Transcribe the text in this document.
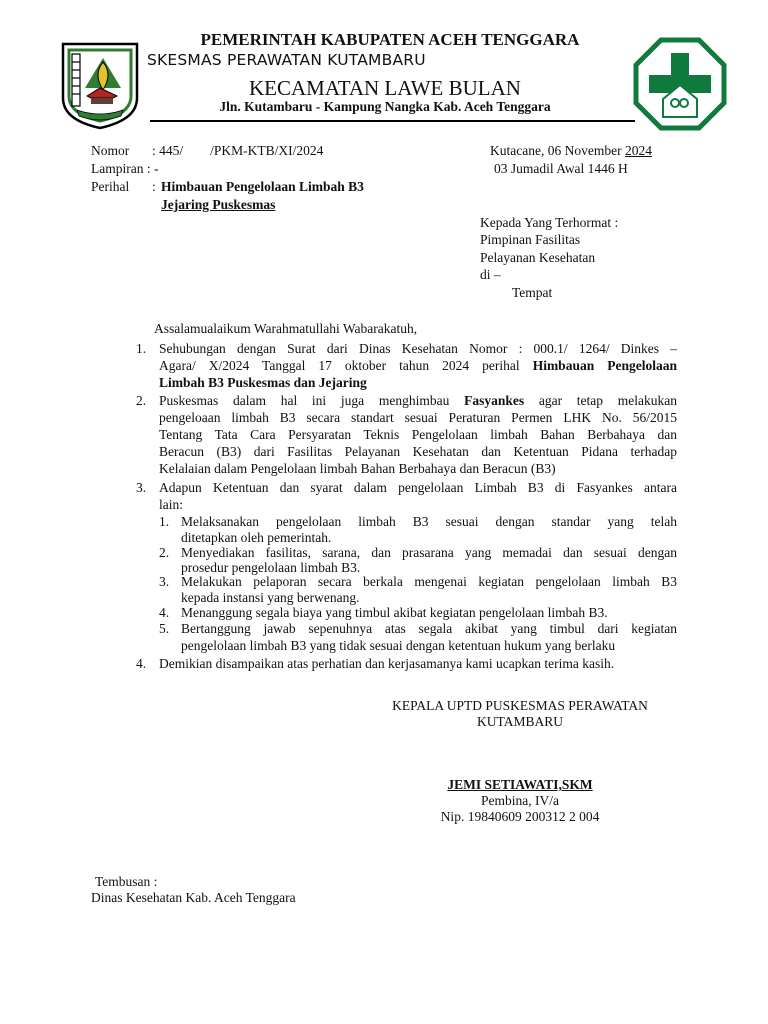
PEMERINTAH KABUPATEN ACEH TENGGARA
SKESMAS PERAWATAN KUTAMBARU
KECAMATAN LAWE BULAN
Jln. Kutambaru - Kampung Nangka Kab. Aceh Tenggara
Nomor : 445/        /PKM-KTB/XI/2024
Lampiran : -
Perihal : Himbauan Pengelolaan Limbah B3
Jejaring Puskesmas
Kutacane, 06 November 2024
03 Jumadil Awal 1446 H
Kepada Yang Terhormat :
Pimpinan Fasilitas
Pelayanan Kesehatan
di –
Tempat
Assalamualaikum Warahmatullahi Wabarakatuh,
1. Sehubungan dengan Surat dari Dinas Kesehatan Nomor : 000.1/ 1264/ Dinkes –
Agara/ X/2024 Tanggal 17 oktober tahun 2024 perihal Himbauan Pengelolaan
Limbah B3 Puskesmas dan Jejaring
2. Puskesmas dalam hal ini juga menghimbau Fasyankes agar tetap melakukan
pengeloaan limbah B3 secara standart sesuai Peraturan Permen LHK No. 56/2015
Tentang Tata Cara Persyaratan Teknis Pengelolaan limbah Bahan Berbahaya dan
Beracun (B3) dari Fasilitas Pelayanan Kesehatan dan Ketentuan Pidana terhadap
Kelalaian dalam Pengelolaan limbah Bahan Berbahaya dan Beracun (B3)
3. Adapun Ketentuan dan syarat dalam pengelolaan Limbah B3 di Fasyankes antara
lain:
1. Melaksanakan pengelolaan limbah B3 sesuai dengan standar yang telah
ditetapkan oleh pemerintah.
2. Menyediakan fasilitas, sarana, dan prasarana yang memadai dan sesuai dengan
prosedur pengelolaan limbah B3.
3. Melakukan pelaporan secara berkala mengenai kegiatan pengelolaan limbah B3
kepada instansi yang berwenang.
4. Menanggung segala biaya yang timbul akibat kegiatan pengelolaan limbah B3.
5. Bertanggung jawab sepenuhnya atas segala akibat yang timbul dari kegiatan
pengelolaan limbah B3 yang tidak sesuai dengan ketentuan hukum yang berlaku
4. Demikian disampaikan atas perhatian dan kerjasamanya kami ucapkan terima kasih.
KEPALA UPTD PUSKESMAS PERAWATAN
KUTAMBARU
JEMI SETIAWATI,SKM
Pembina, IV/a
Nip. 19840609 200312 2 004
Tembusan :
Dinas Kesehatan Kab. Aceh Tenggara
